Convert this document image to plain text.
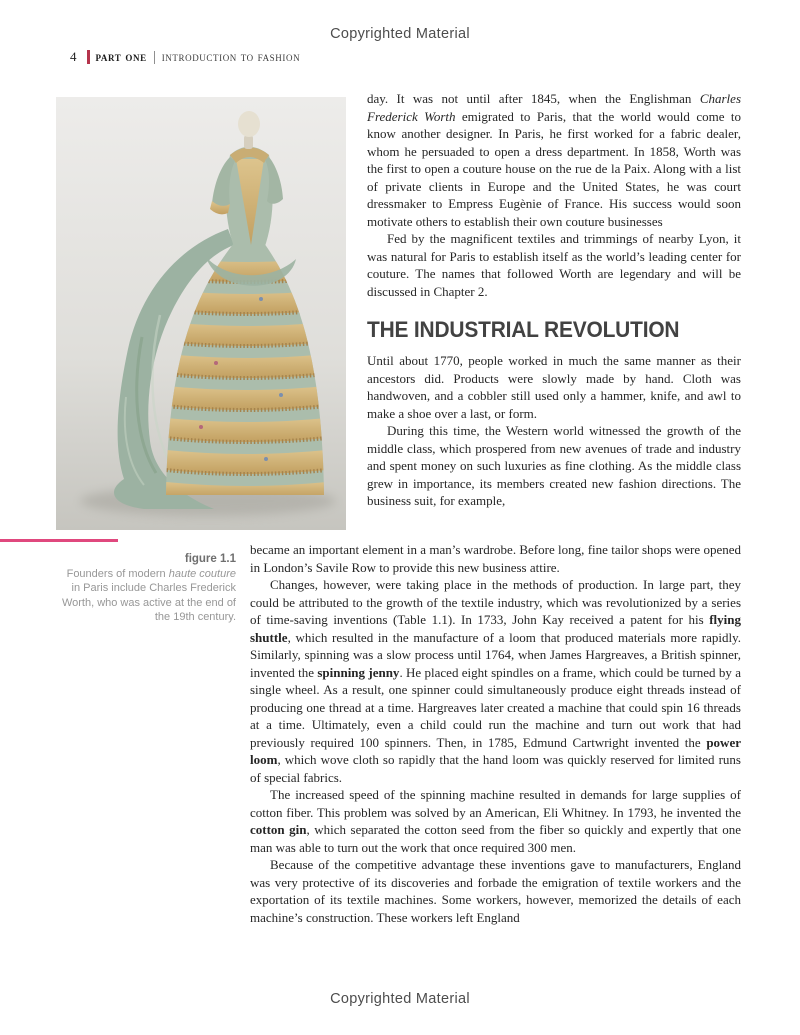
Copyrighted Material
4 part one introduction to fashion

day. It was not until after 1845, when the Englishman Charles Frederick Worth emigrated to Paris, that the world would come to know another designer. In Paris, he first worked for a fabric dealer, whom he persuaded to open a dress department. In 1858, Worth was the first to open a couture house on the rue de la Paix. Along with a list of private clients in Europe and the United States, he was court dressmaker to Empress Eugènie of France. His success would soon motivate others to establish their own couture businesses

Fed by the magnificent textiles and trimmings of nearby Lyon, it was natural for Paris to establish itself as the world’s leading center for couture. The names that followed Worth are legendary and will be discussed in Chapter 2.

THE INDUSTRIAL REVOLUTION

Until about 1770, people worked in much the same manner as their ancestors did. Products were slowly made by hand. Cloth was handwoven, and a cobbler still used only a hammer, knife, and awl to make a shoe over a last, or form.

During this time, the Western world witnessed the growth of the middle class, which prospered from new avenues of trade and industry and spent money on such luxuries as fine clothing. As the middle class grew in importance, its members created new fashion directions. The business suit, for example,

figure 1.1
Founders of modern haute couture in Paris include Charles Frederick Worth, who was active at the end of the 19th century.

became an important element in a man’s wardrobe. Before long, fine tailor shops were opened in London’s Savile Row to provide this new business attire.

Changes, however, were taking place in the methods of production. In large part, they could be attributed to the growth of the textile industry, which was revolutionized by a series of time-saving inventions (Table 1.1). In 1733, John Kay received a patent for his flying shuttle, which resulted in the manufacture of a loom that produced materials more rapidly. Similarly, spinning was a slow process until 1764, when James Hargreaves, a British spinner, invented the spinning jenny. He placed eight spindles on a frame, which could be turned by a single wheel. As a result, one spinner could simultaneously produce eight threads instead of producing one thread at a time. Hargreaves later created a machine that could spin 16 threads at a time. Ultimately, even a child could run the machine and turn out work that had previously required 100 spinners. Then, in 1785, Edmund Cartwright invented the power loom, which wove cloth so rapidly that the hand loom was quickly reserved for limited runs of special fabrics.

The increased speed of the spinning machine resulted in demands for large supplies of cotton fiber. This problem was solved by an American, Eli Whitney. In 1793, he invented the cotton gin, which separated the cotton seed from the fiber so quickly and expertly that one man was able to turn out the work that once required 300 men.

Because of the competitive advantage these inventions gave to manufacturers, England was very protective of its discoveries and forbade the emigration of textile workers and the exportation of its textile machines. Some workers, however, memorized the details of each machine’s construction. These workers left England

Copyrighted Material
